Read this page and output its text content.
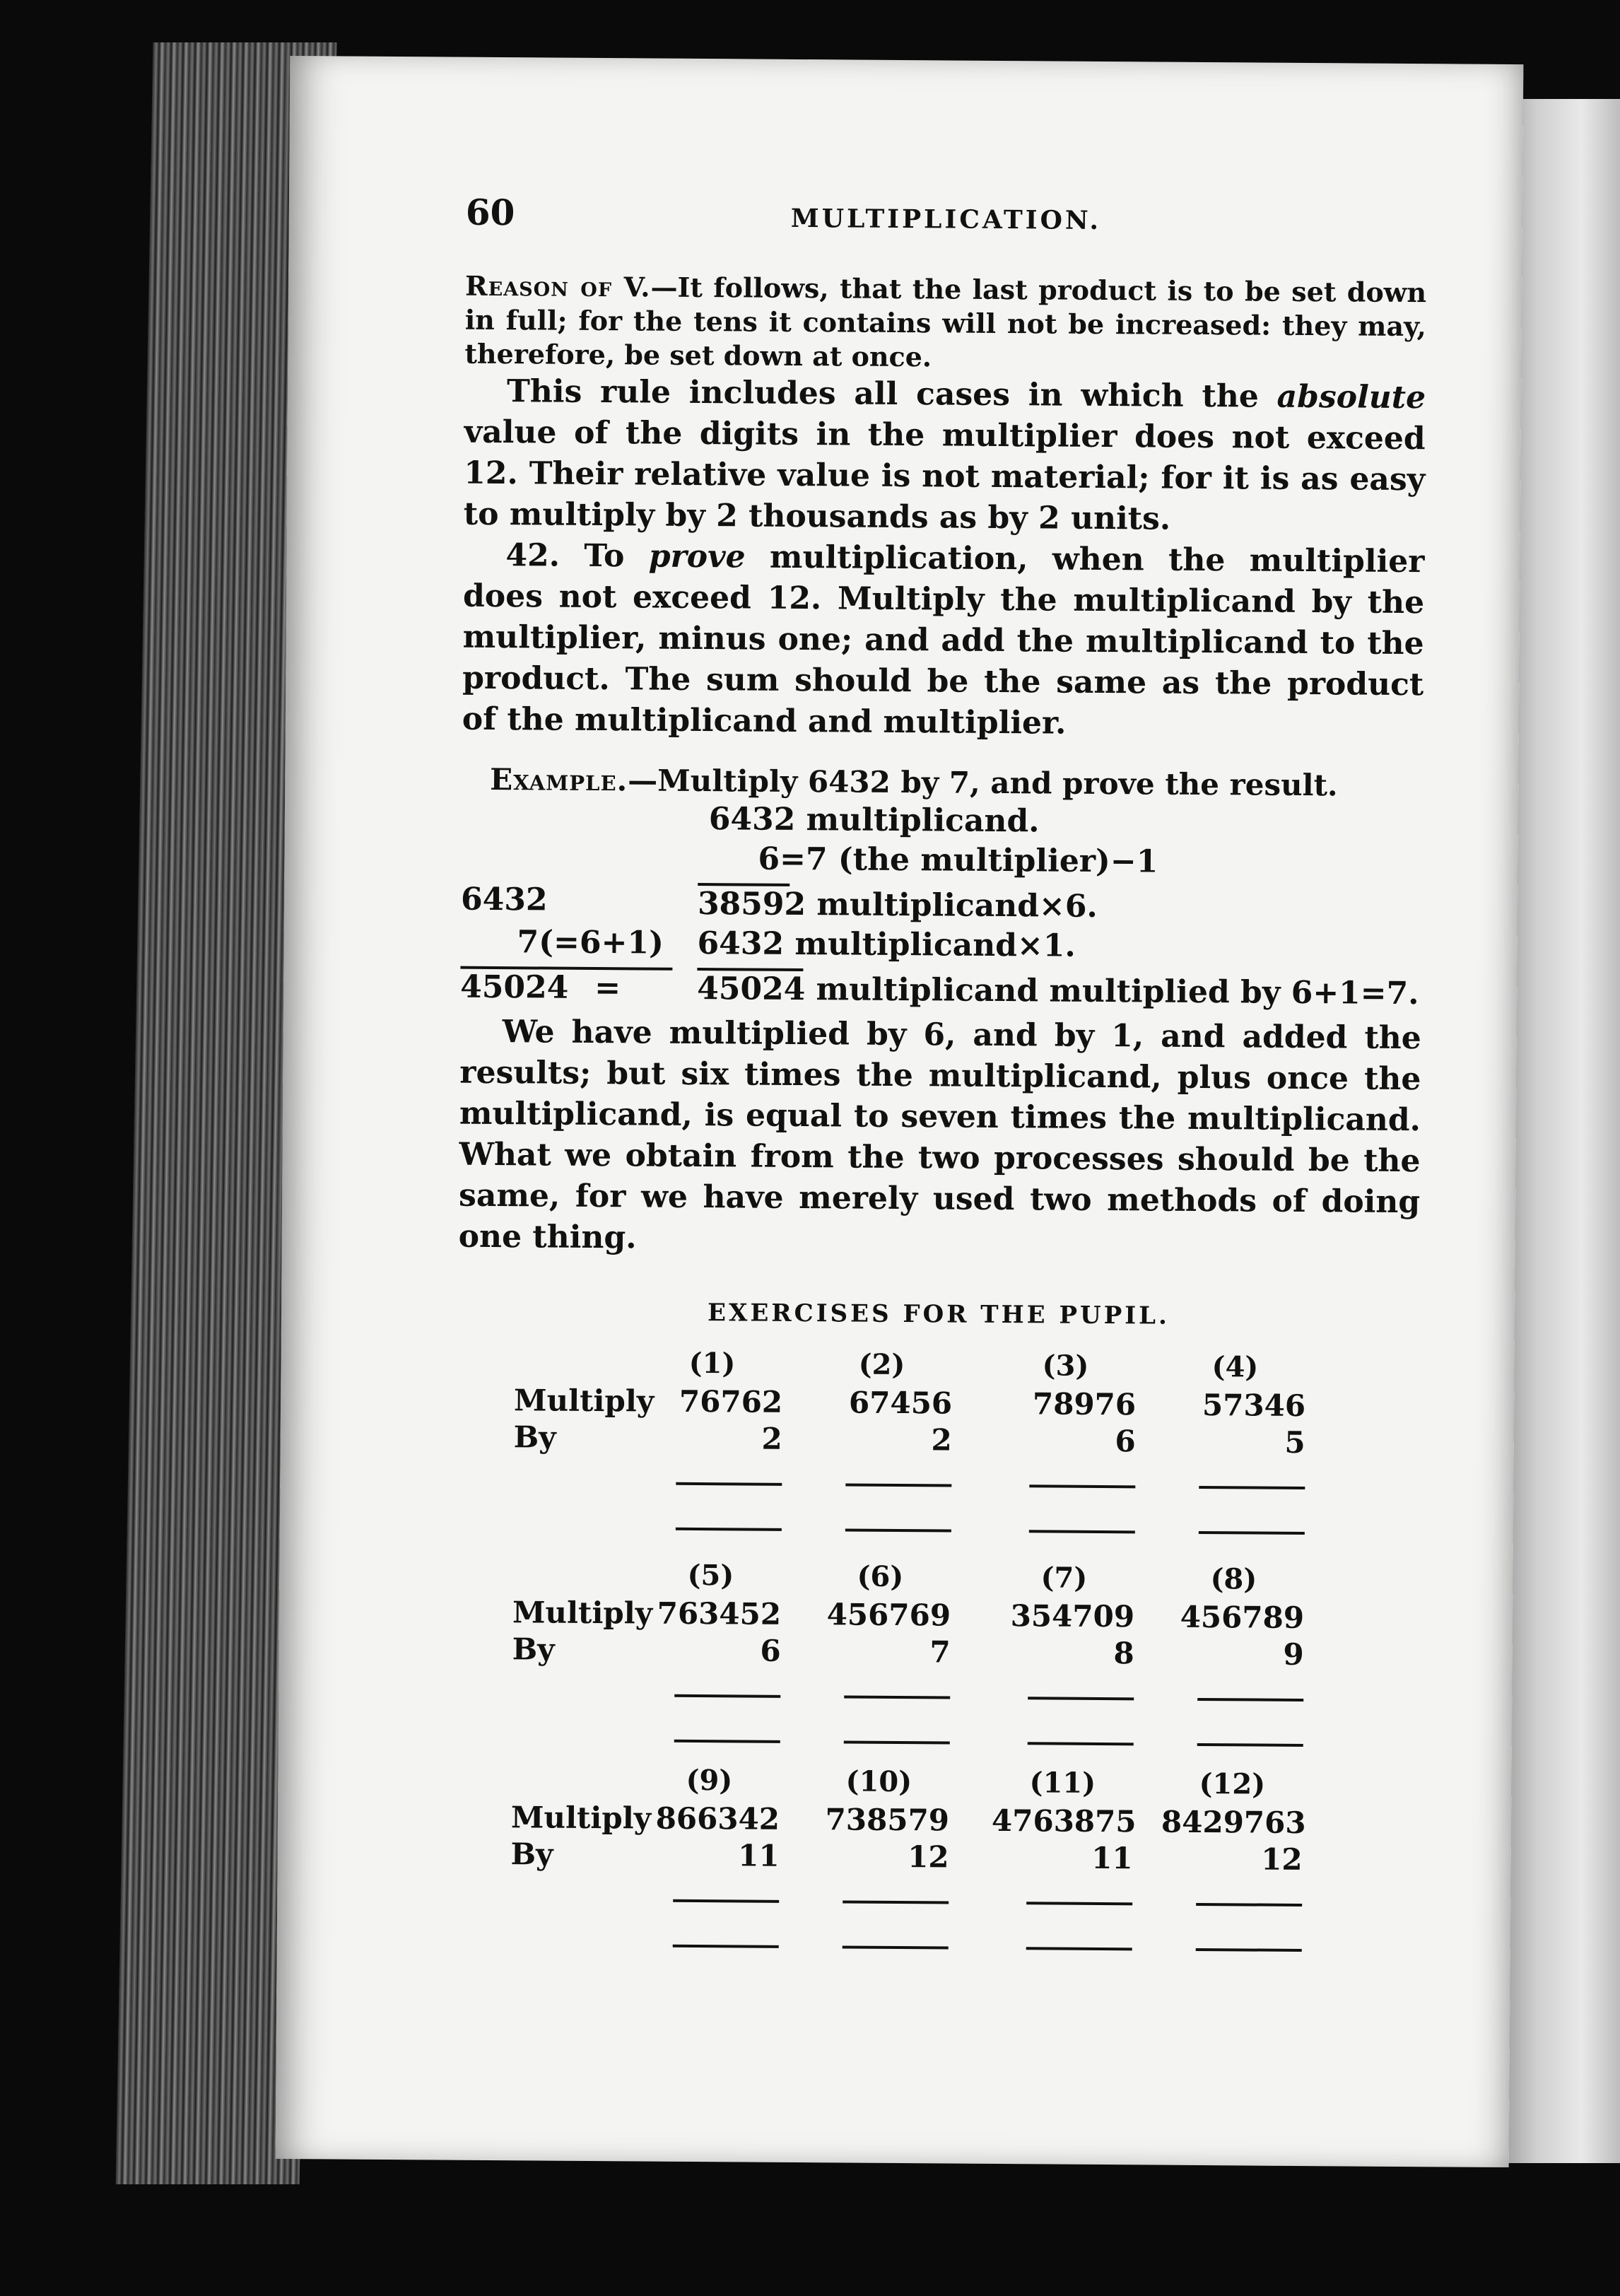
60	MULTIPLICATION.
Reason of V.—It follows, that the last product is to be set down in full; for the tens it contains will not be increased: they may, therefore, be set down at once.

This rule includes all cases in which the absolute value of the digits in the multiplier does not exceed 12. Their relative value is not material; for it is as easy to multiply by 2 thousands as by 2 units.

42. To prove multiplication, when the multiplier does not exceed 12. Multiply the multiplicand by the multiplier, minus one; and add the multiplicand to the product. The sum should be the same as the product of the multiplicand and multiplier.

Example.—Multiply 6432 by 7, and prove the result.
6432 multiplicand.
6=7 (the multiplier)−1
6432	38592 multiplicand×6.
7(=6+1) 6432 multiplicand×1.
45024 = 45024 multiplicand multiplied by 6+1=7.

We have multiplied by 6, and by 1, and added the results; but six times the multiplicand, plus once the multiplicand, is equal to seven times the multiplicand. What we obtain from the two processes should be the same, for we have merely used two methods of doing one thing.

EXERCISES FOR THE PUPIL.
Multiply
By
(1)
76762
2
(2)
67456
2
(3)
78976
6
(4)
57346
5
Multiply
By
(5)
763452
6
(6)
456769
7
(7)
354709
8
(8)
456789
9
Multiply
By
(9)
866342
11
(10)
738579
12
(11)
4763875
11
(12)
8429763
12
